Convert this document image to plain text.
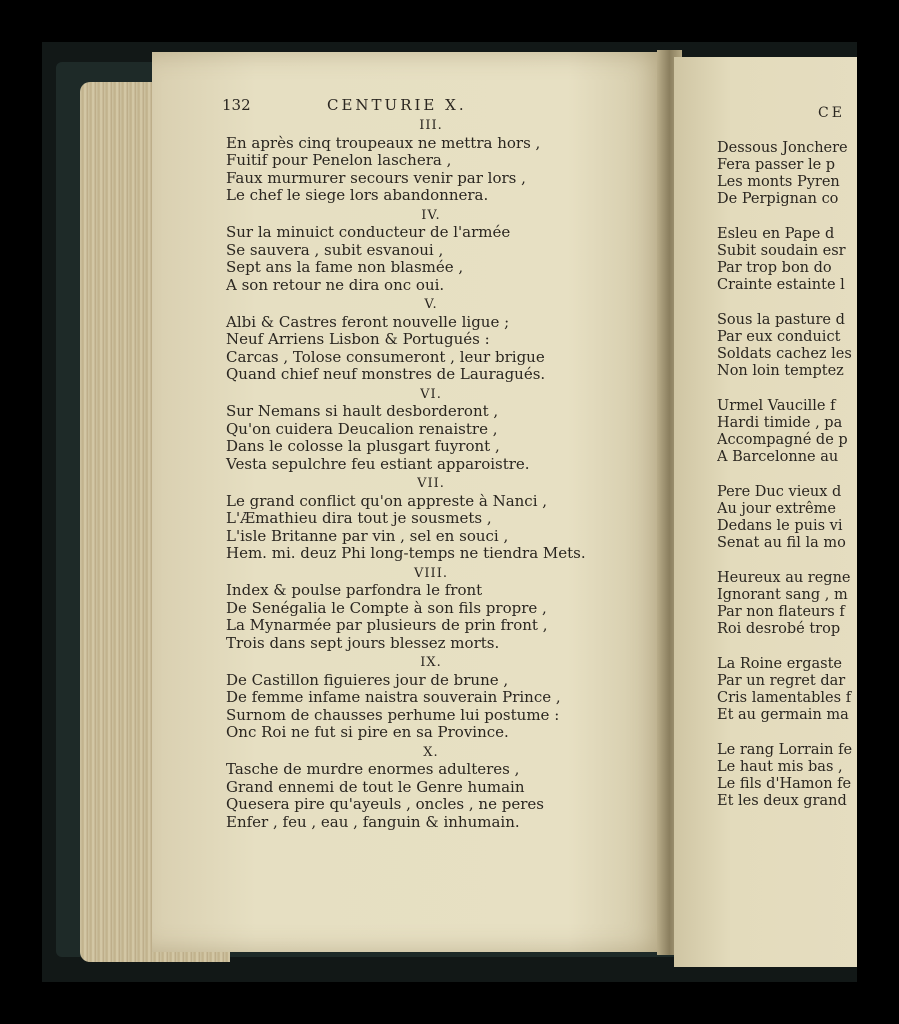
132	CENTURIE X.
III.
En après cinq troupeaux ne mettra hors ,
Fuitif pour Penelon laschera ,
Faux murmurer secours venir par lors ,
Le chef le siege lors abandonnera.
IV.
Sur la minuict conducteur de l'armée
Se sauvera , subit esvanoui ,
Sept ans la fame non blasmée ,
A son retour ne dira onc oui.
V.
Albi & Castres feront nouvelle ligue ;
Neuf Arriens Lisbon & Portugués :
Carcas , Tolose consumeront , leur brigue
Quand chief neuf monstres de Lauragués.
VI.
Sur Nemans si hault desborderont ,
Qu'on cuidera Deucalion renaistre ,
Dans le colosse la plusgart fuyront ,
Vesta sepulchre feu estiant apparoistre.
VII.
Le grand conflict qu'on appreste à Nanci ,
L'Æmathieu dira tout je sousmets ,
L'isle Britanne par vin , sel en souci ,
Hem. mi. deuz Phi long-temps ne tiendra Mets.
VIII.
Index & poulse parfondra le front
De Senégalia le Compte à son fils propre ,
La Mynarmée par plusieurs de prin front ,
Trois dans sept jours blessez morts.
IX.
De Castillon figuieres jour de brune ,
De femme infame naistra souverain Prince ,
Surnom de chausses perhume lui postume :
Onc Roi ne fut si pire en sa Province.
X.
Tasche de murdre enormes adulteres ,
Grand ennemi de tout le Genre humain
Quesera pire qu'ayeuls , oncles , ne peres
Enfer , feu , eau , fanguin & inhumain.
CE
Dessous Jonchere
Fera passer le p
Les monts Pyren
De Perpignan co
Esleu en Pape d
Subit soudain esr
Par trop bon do
Crainte estainte l
Sous la pasture d
Par eux conduict
Soldats cachez les
Non loin temptez
Urmel Vaucille f
Hardi timide , pa
Accompagné de p
A Barcelonne au
Pere Duc vieux d
Au jour extrême
Dedans le puis vi
Senat au fil la mo
Heureux au regne
Ignorant sang , m
Par non flateurs f
Roi desrobé trop
La Roine ergaste
Par un regret dar
Cris lamentables f
Et au germain ma
Le rang Lorrain fe
Le haut mis bas ,
Le fils d'Hamon fe
Et les deux grand
